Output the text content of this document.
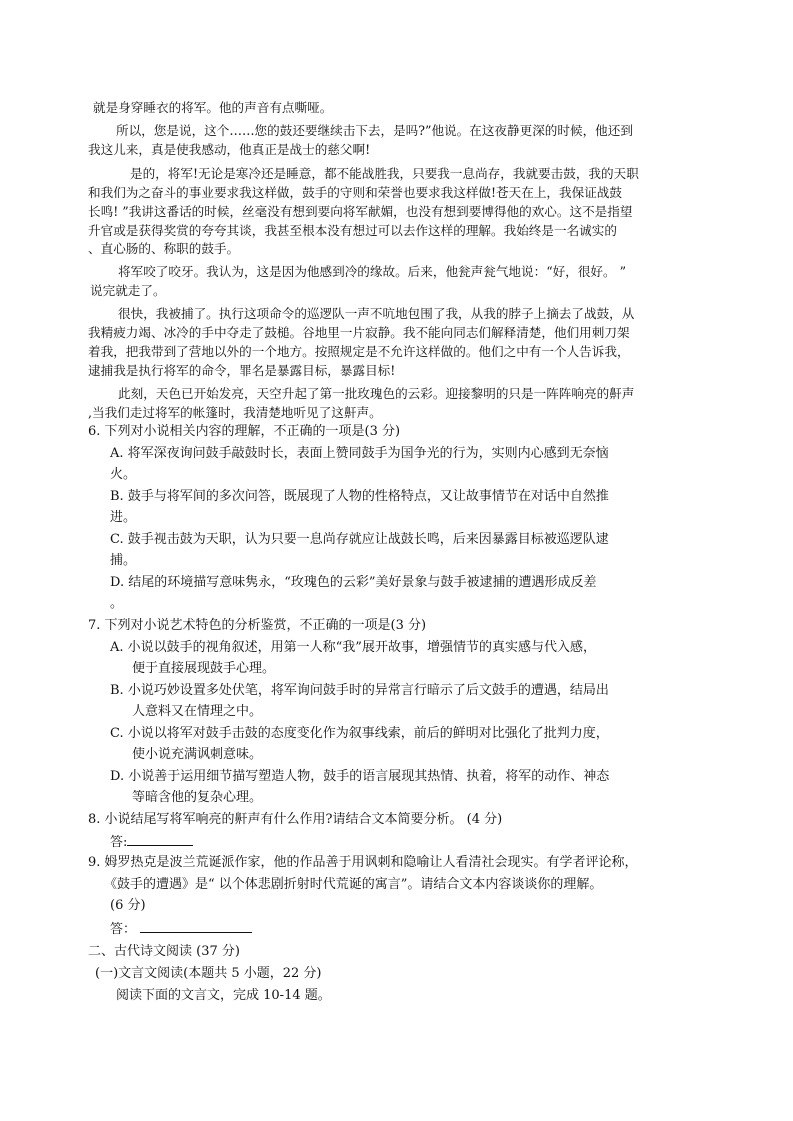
就是身穿睡衣的将军。他的声音有点嘶哑。
所以，您是说，这个……您的鼓还要继续击下去，是吗?”他说。在这夜静更深的时候，他还到
我这儿来，真是使我感动，他真正是战士的慈父啊!
是的，将军!无论是寒冷还是睡意，都不能战胜我，只要我一息尚存，我就要击鼓，我的天职
和我们为之奋斗的事业要求我这样做，鼓手的守则和荣誉也要求我这样做!苍天在上，我保证战鼓
长鸣! ”我讲这番话的时候，丝毫没有想到要向将军献媚，也没有想到要博得他的欢心。这不是指望
升官或是获得奖赏的夸夸其谈，我甚至根本没有想过可以去作这样的理解。我始终是一名诚实的
、直心肠的、称职的鼓手。
将军咬了咬牙。我认为，这是因为他感到冷的缘故。后来，他瓮声瓮气地说：“好，很好。 ”
说完就走了。
很快，我被捕了。执行这项命令的巡逻队一声不吭地包围了我，从我的脖子上摘去了战鼓，从
我精疲力竭、冰冷的手中夺走了鼓槌。谷地里一片寂静。我不能向同志们解释清楚，他们用刺刀架
着我，把我带到了营地以外的一个地方。按照规定是不允许这样做的。他们之中有一个人告诉我，
逮捕我是执行将军的命令，罪名是暴露目标，暴露目标!
此刻，天色已开始发亮，天空升起了第一批玫瑰色的云彩。迎接黎明的只是一阵阵响亮的鼾声
,当我们走过将军的帐篷时，我清楚地听见了这鼾声。
6. 下列对小说相关内容的理解，不正确的一项是(3 分)
A. 将军深夜询问鼓手敲鼓时长，表面上赞同鼓手为国争光的行为，实则内心感到无奈恼
火。
B. 鼓手与将军间的多次问答，既展现了人物的性格特点，又让故事情节在对话中自然推
进。
C. 鼓手视击鼓为天职，认为只要一息尚存就应让战鼓长鸣，后来因暴露目标被巡逻队逮
捕。
D. 结尾的环境描写意味隽永，“玫瑰色的云彩”美好景象与鼓手被逮捕的遭遇形成反差
。
7. 下列对小说艺术特色的分析鉴赏，不正确的一项是(3 分)
A. 小说以鼓手的视角叙述，用第一人称“我”展开故事，增强情节的真实感与代入感，
便于直接展现鼓手心理。
B. 小说巧妙设置多处伏笔，将军询问鼓手时的异常言行暗示了后文鼓手的遭遇，结局出
人意料又在情理之中。
C. 小说以将军对鼓手击鼓的态度变化作为叙事线索，前后的鲜明对比强化了批判力度，
使小说充满讽刺意味。
D. 小说善于运用细节描写塑造人物，鼓手的语言展现其热情、执着，将军的动作、神态
等暗含他的复杂心理。
8. 小说结尾写将军响亮的鼾声有什么作用?请结合文本简要分析。 (4 分)
答:
9. 姆罗热克是波兰荒诞派作家，他的作品善于用讽刺和隐喻让人看清社会现实。有学者评论称，
《鼓手的遭遇》是“ 以个体悲剧折射时代荒诞的寓言”。请结合文本内容谈谈你的理解。
(6 分)
答：
二、古代诗文阅读 (37 分)
(一)文言文阅读(本题共 5 小题，22 分)
阅读下面的文言文，完成 10-14 题。
